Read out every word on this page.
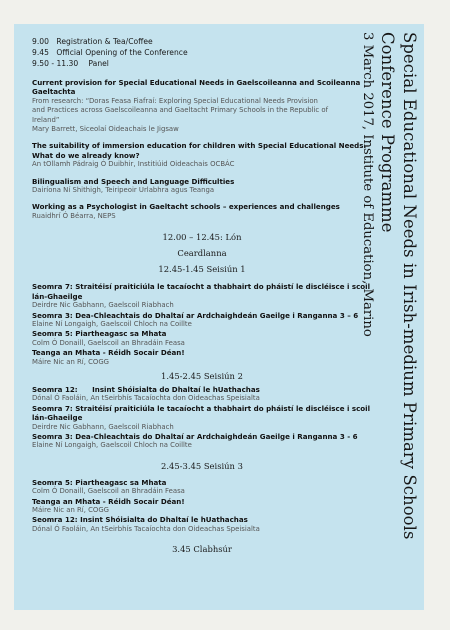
9.00 Registration & Tea/Coffee
9.45 Official Opening of the Conference
9.50 - 11.30 Panel
Current provision for Special Educational Needs in Gaelscoileanna and Scoileanna
Gaeltachta
From research: “Doras Feasa Fiafraí: Exploring Special Educational Needs Provision
and Practices across Gaelscoileanna and Gaeltacht Primary Schools in the Republic of
Ireland”
Mary Barrett, Siceolaí Oideachais le Jigsaw
The suitability of immersion education for children with Special Educational Needs.
What do we already know?
An tOllamh Pádraig Ó Duibhir, Institiúid Oideachais OCBÁC
Bilingualism and Speech and Language Difficulties
Dairíona Ní Shithigh, Teiripeoir Urlabhra agus Teanga
Working as a Psychologist in Gaeltacht schools – experiences and challenges
Ruaidhrí Ó Béarra, NEPS
12.00 – 12.45: Lón
Ceardlanna
12.45-1.45 Seisiún 1
Seomra 7: Straitéisí praiticiúla le tacaíocht a thabhairt do pháistí le discléisce i scoil
lán-Ghaeilge
Deirdre Nic Gabhann, Gaelscoil Riabhach
Seomra 3: Dea-Chleachtais do Dhaltaí ar Ardchaighdeán Gaeilge i Ranganna 3 – 6
Elaine Ní Longaigh, Gaelscoil Chloch na Coillte
Seomra 5: Piartheagasc sa Mhata
Colm Ó Donaill, Gaelscoil an Bhradáin Feasa
Teanga an Mhata - Réidh Socair Déan!
Máire Nic an Rí, COGG
1.45-2.45 Seisiún 2
Seomra 12: Insint Shóisialta do Dhaltaí le hUathachas
Dónal Ó Faoláin, An tSeirbhís Tacaíochta don Oideachas Speisialta
Seomra 7: Straitéisí praiticiúla le tacaíocht a thabhairt do pháistí le discléisce i scoil
lán-Ghaeilge
Deirdre Nic Gabhann, Gaelscoil Riabhach
Seomra 3: Dea-Chleachtais do Dhaltaí ar Ardchaighdeán Gaeilge i Ranganna 3 - 6
Elaine Ní Longaigh, Gaelscoil Chloch na Coillte
2.45-3.45 Seisiún 3
Seomra 5: Piartheagasc sa Mhata
Colm Ó Donaill, Gaelscoil an Bhradáin Feasa
Teanga an Mhata - Réidh Socair Déan!
Máire Nic an Rí, COGG
Seomra 12: Insint Shóisialta do Dhaltaí le hUathachas
Dónal Ó Faoláin, An tSeirbhís Tacaíochta don Oideachas Speisialta
3.45 Clabhsúr
Special Educational Needs in Irish-medium Primary Schools
Conference Programme
3 March 2017, Institute of Education, Marino
